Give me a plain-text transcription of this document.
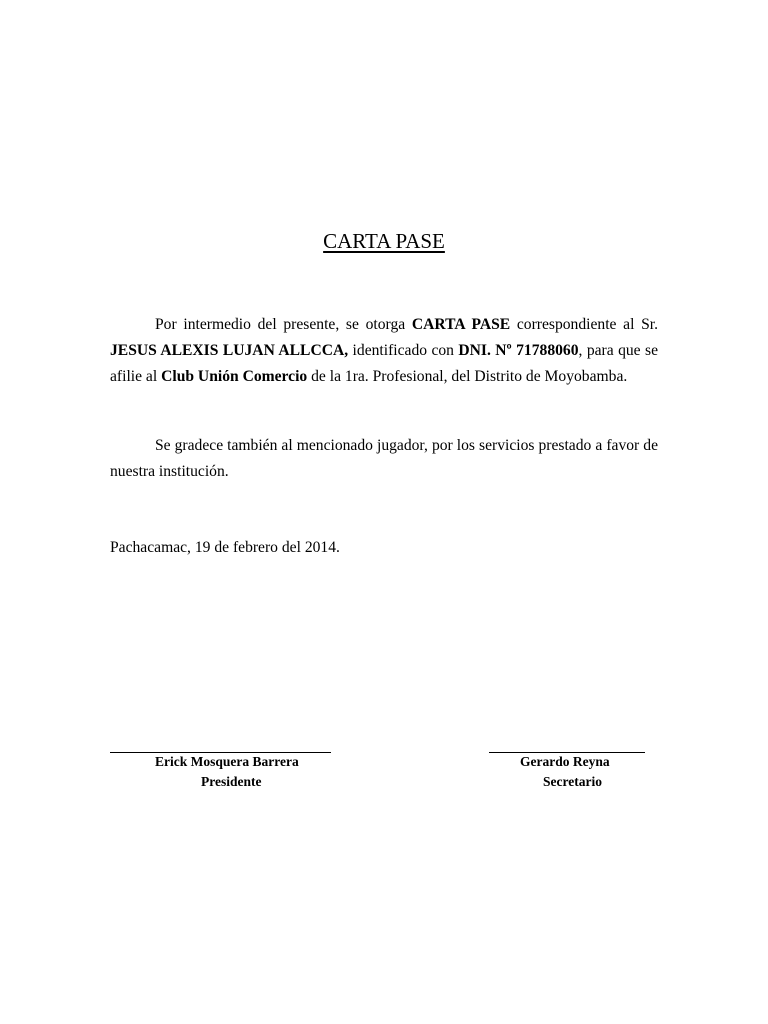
CARTA PASE

Por intermedio del presente, se otorga CARTA PASE correspondiente al Sr. JESUS ALEXIS LUJAN ALLCCA, identificado con DNI. Nº 71788060, para que se afilie al Club Unión Comercio de la 1ra. Profesional, del Distrito de Moyobamba.

Se gradece también al mencionado jugador, por los servicios prestado a favor de nuestra institución.

Pachacamac, 19 de febrero del 2014.

Erick Mosquera Barrera

Presidente

Gerardo Reyna

Secretario
